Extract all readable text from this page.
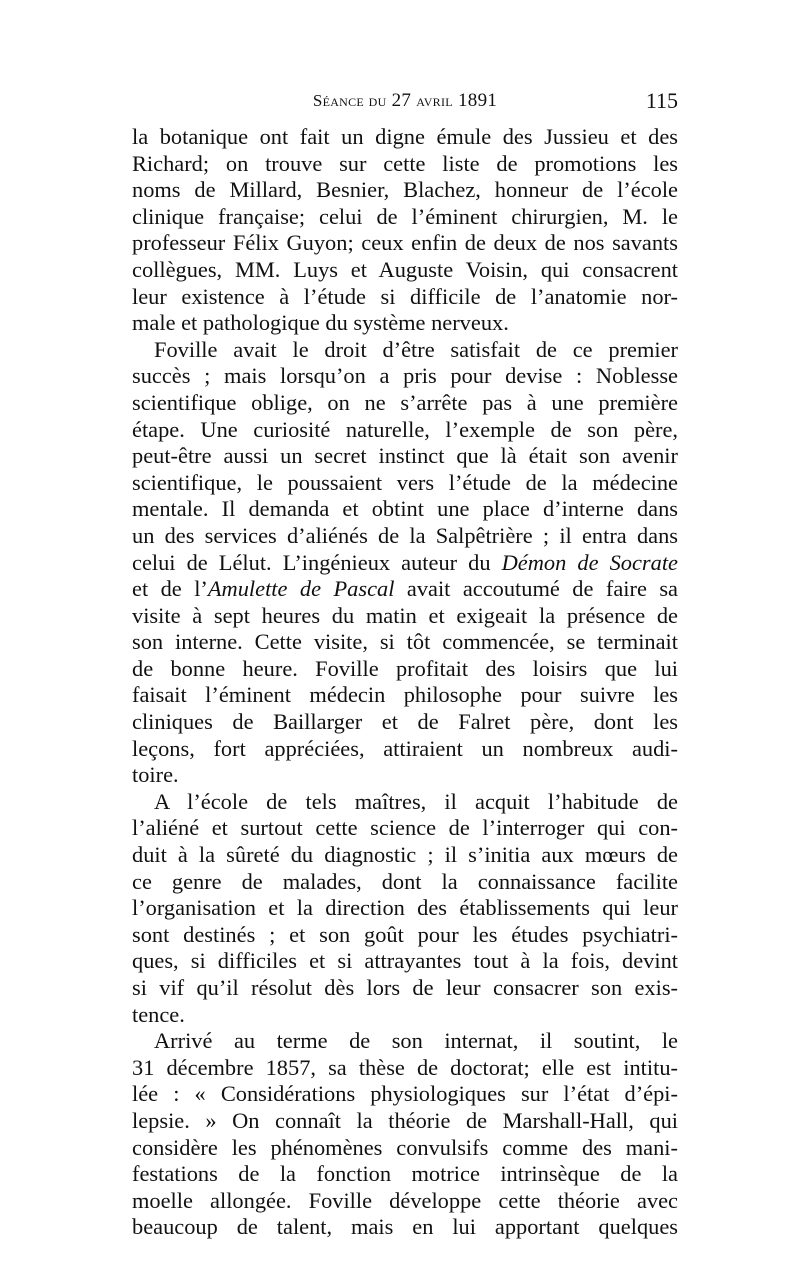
Séance du 27 avril 1891	115
la botanique ont fait un digne émule des Jussieu et des
Richard; on trouve sur cette liste de promotions les
noms de Millard, Besnier, Blachez, honneur de l’école
clinique française; celui de l’éminent chirurgien, M. le
professeur Félix Guyon; ceux enfin de deux de nos savants
collègues, MM. Luys et Auguste Voisin, qui consacrent
leur existence à l’étude si difficile de l’anatomie nor-
male et pathologique du système nerveux.
Foville avait le droit d’être satisfait de ce premier
succès ; mais lorsqu’on a pris pour devise : Noblesse
scientifique oblige, on ne s’arrête pas à une première
étape. Une curiosité naturelle, l’exemple de son père,
peut-être aussi un secret instinct que là était son avenir
scientifique, le poussaient vers l’étude de la médecine
mentale. Il demanda et obtint une place d’interne dans
un des services d’aliénés de la Salpêtrière ; il entra dans
celui de Lélut. L’ingénieux auteur du Démon de Socrate
et de l’Amulette de Pascal avait accoutumé de faire sa
visite à sept heures du matin et exigeait la présence de
son interne. Cette visite, si tôt commencée, se terminait
de bonne heure. Foville profitait des loisirs que lui
faisait l’éminent médecin philosophe pour suivre les
cliniques de Baillarger et de Falret père, dont les
leçons, fort appréciées, attiraient un nombreux audi-
toire.
A l’école de tels maîtres, il acquit l’habitude de
l’aliéné et surtout cette science de l’interroger qui con-
duit à la sûreté du diagnostic ; il s’initia aux mœurs de
ce genre de malades, dont la connaissance facilite
l’organisation et la direction des établissements qui leur
sont destinés ; et son goût pour les études psychiatri-
ques, si difficiles et si attrayantes tout à la fois, devint
si vif qu’il résolut dès lors de leur consacrer son exis-
tence.
Arrivé au terme de son internat, il soutint, le
31 décembre 1857, sa thèse de doctorat; elle est intitu-
lée : « Considérations physiologiques sur l’état d’épi-
lepsie. » On connaît la théorie de Marshall-Hall, qui
considère les phénomènes convulsifs comme des mani-
festations de la fonction motrice intrinsèque de la
moelle allongée. Foville développe cette théorie avec
beaucoup de talent, mais en lui apportant quelques
